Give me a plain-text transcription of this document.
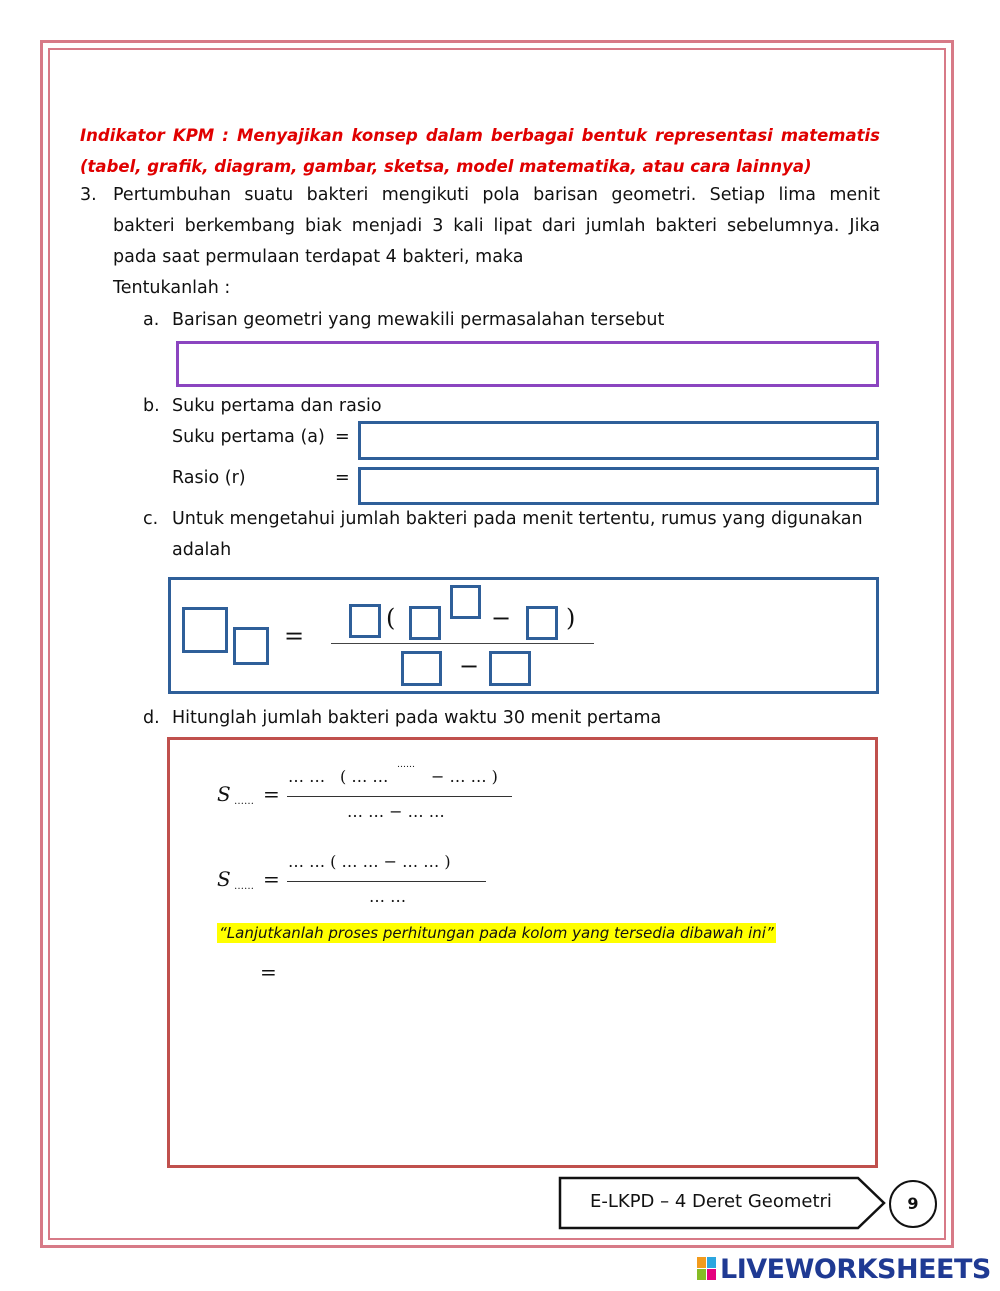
Indikator KPM : Menyajikan konsep dalam berbagai bentuk representasi matematis
(tabel, grafik, diagram, gambar, sketsa, model matematika, atau cara lainnya)
3. Pertumbuhan suatu bakteri mengikuti pola barisan geometri. Setiap lima menit
bakteri berkembang biak menjadi 3 kali lipat dari jumlah bakteri sebelumnya. Jika
pada saat permulaan terdapat 4 bakteri, maka
Tentukanlah :
a. Barisan geometri yang mewakili permasalahan tersebut
b. Suku pertama dan rasio
Suku pertama (a) =
Rasio (r)	=
c. Untuk mengetahui jumlah bakteri pada menit tertentu, rumus yang digunakan
adalah
=
(	− )
−
d. Hitunglah jumlah bakteri pada waktu 30 menit pertama
S …… =
… … ( … …
……
− … … )
… … − … …
S …… =
… … ( … … − … … )
… …
“Lanjutkanlah proses perhitungan pada kolom yang tersedia dibawah ini”
=
E-LKPD – 4 Deret Geometri	9
LIVEWORKSHEETS
